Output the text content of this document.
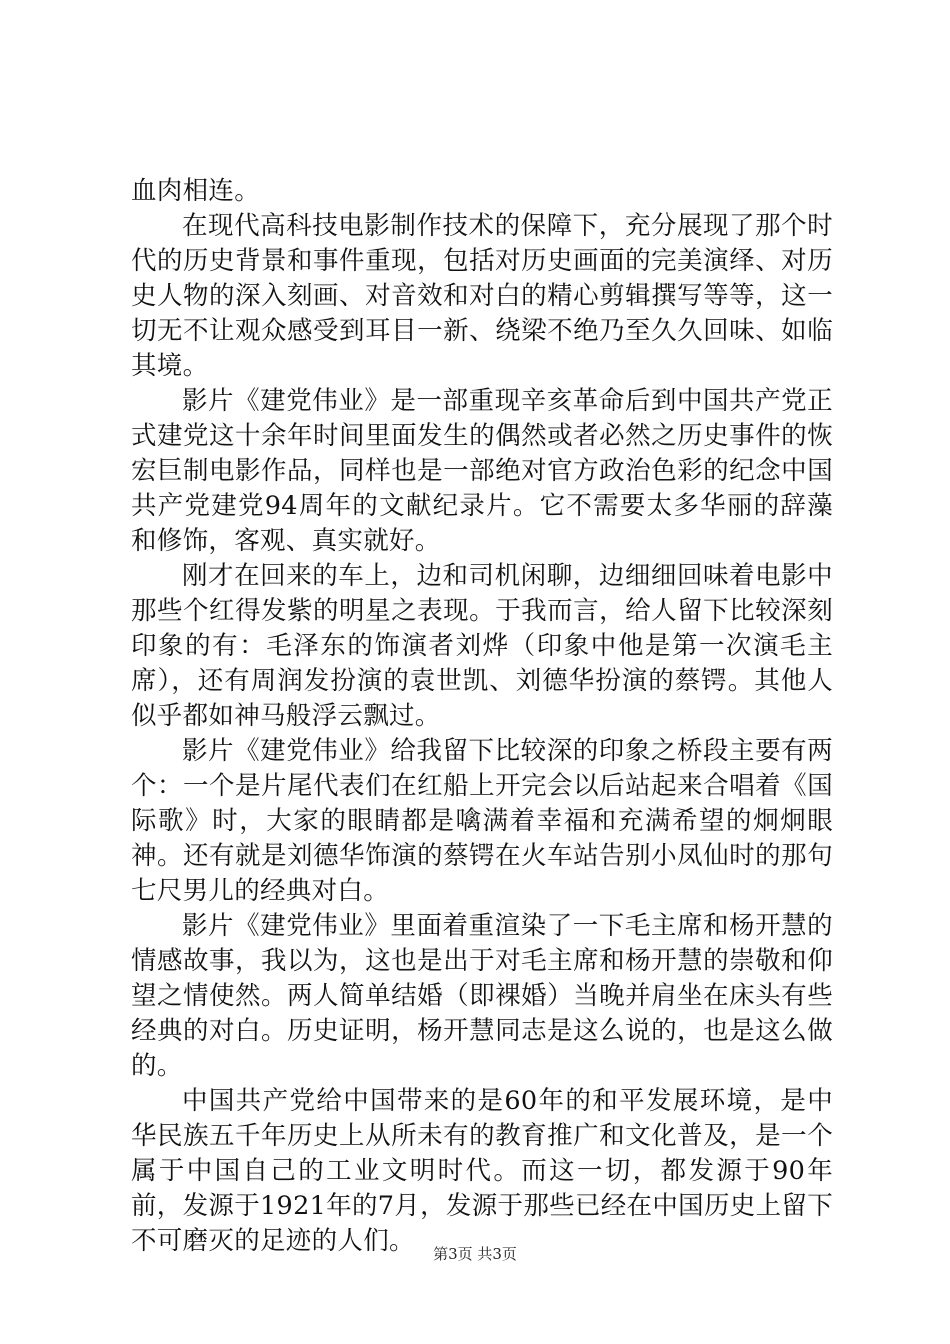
血肉相连。

在现代高科技电影制作技术的保障下，充分展现了那个时代的历史背景和事件重现，包括对历史画面的完美演绎、对历史人物的深入刻画、对音效和对白的精心剪辑撰写等等，这一切无不让观众感受到耳目一新、绕梁不绝乃至久久回味、如临其境。

影片《建党伟业》是一部重现辛亥革命后到中国共产党正式建党这十余年时间里面发生的偶然或者必然之历史事件的恢宏巨制电影作品，同样也是一部绝对官方政治色彩的纪念中国共产党建党94周年的文献纪录片。它不需要太多华丽的辞藻和修饰，客观、真实就好。

刚才在回来的车上，边和司机闲聊，边细细回味着电影中那些个红得发紫的明星之表现。于我而言，给人留下比较深刻印象的有：毛泽东的饰演者刘烨（印象中他是第一次演毛主席），还有周润发扮演的袁世凯、刘德华扮演的蔡锷。其他人似乎都如神马般浮云飘过。

影片《建党伟业》给我留下比较深的印象之桥段主要有两个：一个是片尾代表们在红船上开完会以后站起来合唱着《国际歌》时，大家的眼睛都是噙满着幸福和充满希望的炯炯眼神。还有就是刘德华饰演的蔡锷在火车站告别小凤仙时的那句七尺男儿的经典对白。

影片《建党伟业》里面着重渲染了一下毛主席和杨开慧的情感故事，我以为，这也是出于对毛主席和杨开慧的崇敬和仰望之情使然。两人简单结婚（即裸婚）当晚并肩坐在床头有些经典的对白。历史证明，杨开慧同志是这么说的，也是这么做的。

中国共产党给中国带来的是60年的和平发展环境，是中华民族五千年历史上从所未有的教育推广和文化普及，是一个属于中国自己的工业文明时代。而这一切，都发源于90年前，发源于1921年的7月，发源于那些已经在中国历史上留下不可磨灭的足迹的人们。	第3页 共3页
